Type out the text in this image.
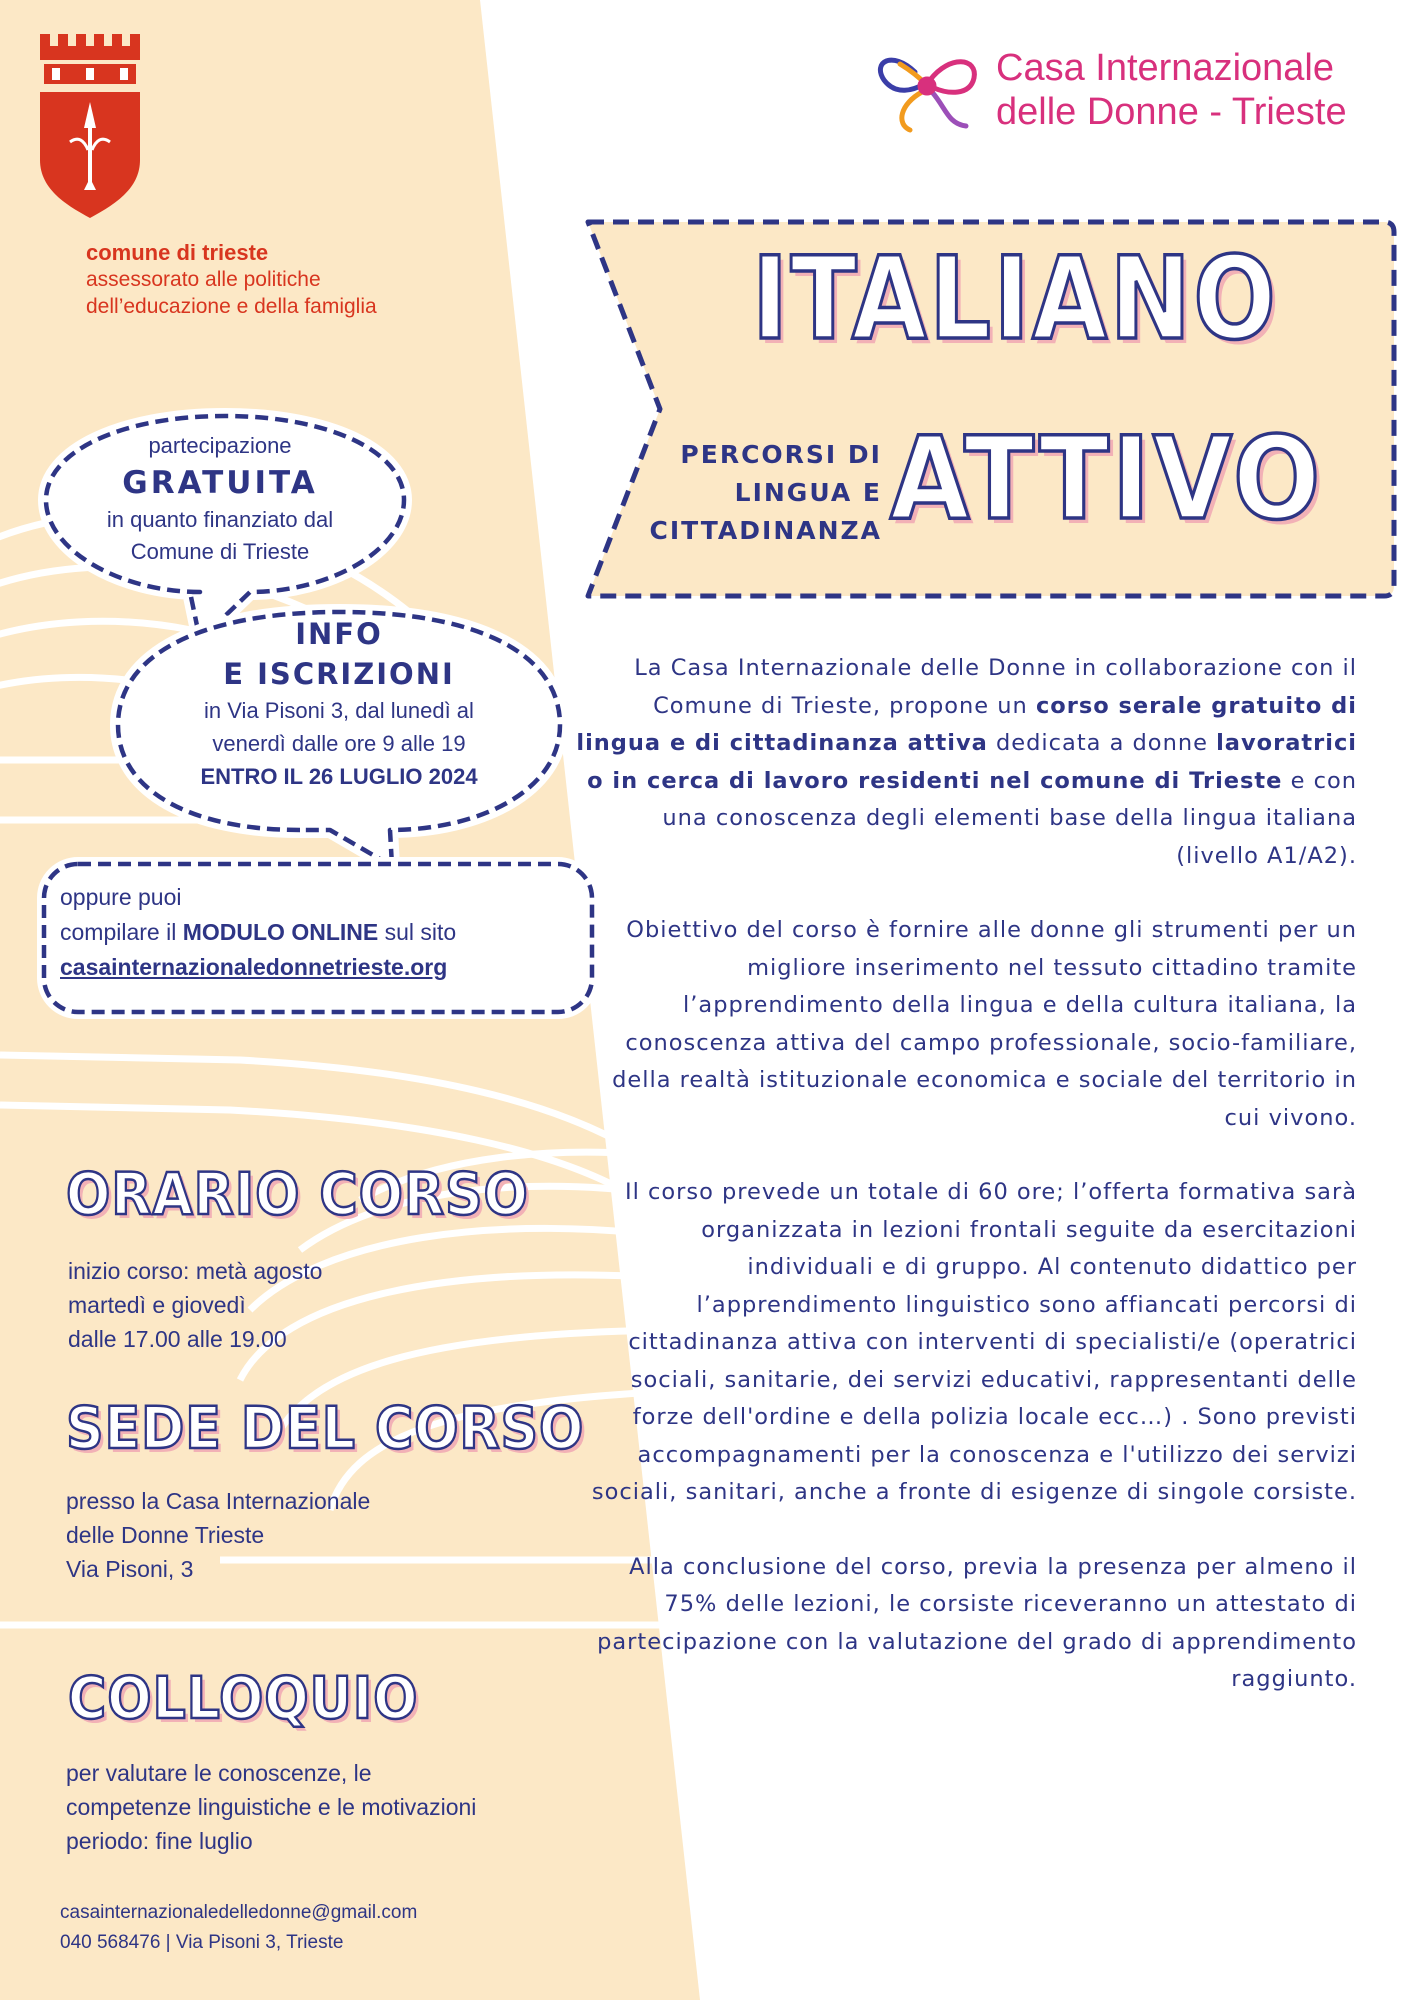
comune di trieste
assessorato alle politiche
dell’educazione e della famiglia
Casa Internazionale
delle Donne - Trieste
ITALIANO
ATTIVO
PERCORSI DI
LINGUA E
CITTADINANZA
partecipazione
GRATUITA
in quanto finanziato dal
Comune di Trieste
INFO
E ISCRIZIONI
in Via Pisoni 3, dal lunedì al
venerdì dalle ore 9 alle 19
ENTRO IL 26 LUGLIO 2024
oppure puoi
compilare il MODULO ONLINE sul sito
casainternazionaledonnetrieste.org
ORARIO CORSO
inizio corso: metà agosto
martedì e giovedì
dalle 17.00 alle 19.00
SEDE DEL CORSO
presso la Casa Internazionale
delle Donne Trieste
Via Pisoni, 3
COLLOQUIO
per valutare le conoscenze, le
competenze linguistiche e le motivazioni
periodo: fine luglio
casainternazionaledelledonne@gmail.com
040 568476 | Via Pisoni 3, Trieste

La Casa Internazionale delle Donne in collaborazione con il Comune di Trieste, propone un corso serale gratuito di lingua e di cittadinanza attiva dedicata a donne lavoratrici o in cerca di lavoro residenti nel comune di Trieste e con una conoscenza degli elementi base della lingua italiana (livello A1/A2).

Obiettivo del corso è fornire alle donne gli strumenti per un migliore inserimento nel tessuto cittadino tramite l’apprendimento della lingua e della cultura italiana, la conoscenza attiva del campo professionale, socio-familiare, della realtà istituzionale economica e sociale del territorio in cui vivono.

Il corso prevede un totale di 60 ore; l’offerta formativa sarà organizzata in lezioni frontali seguite da esercitazioni individuali e di gruppo. Al contenuto didattico per l’apprendimento linguistico sono affiancati percorsi di cittadinanza attiva con interventi di specialisti/e (operatrici sociali, sanitarie, dei servizi educativi, rappresentanti delle forze dell'ordine e della polizia locale ecc…) . Sono previsti accompagnamenti per la conoscenza e l'utilizzo dei servizi sociali, sanitari, anche a fronte di esigenze di singole corsiste.

Alla conclusione del corso, previa la presenza per almeno il 75% delle lezioni, le corsiste riceveranno un attestato di partecipazione con la valutazione del grado di apprendimento raggiunto.
